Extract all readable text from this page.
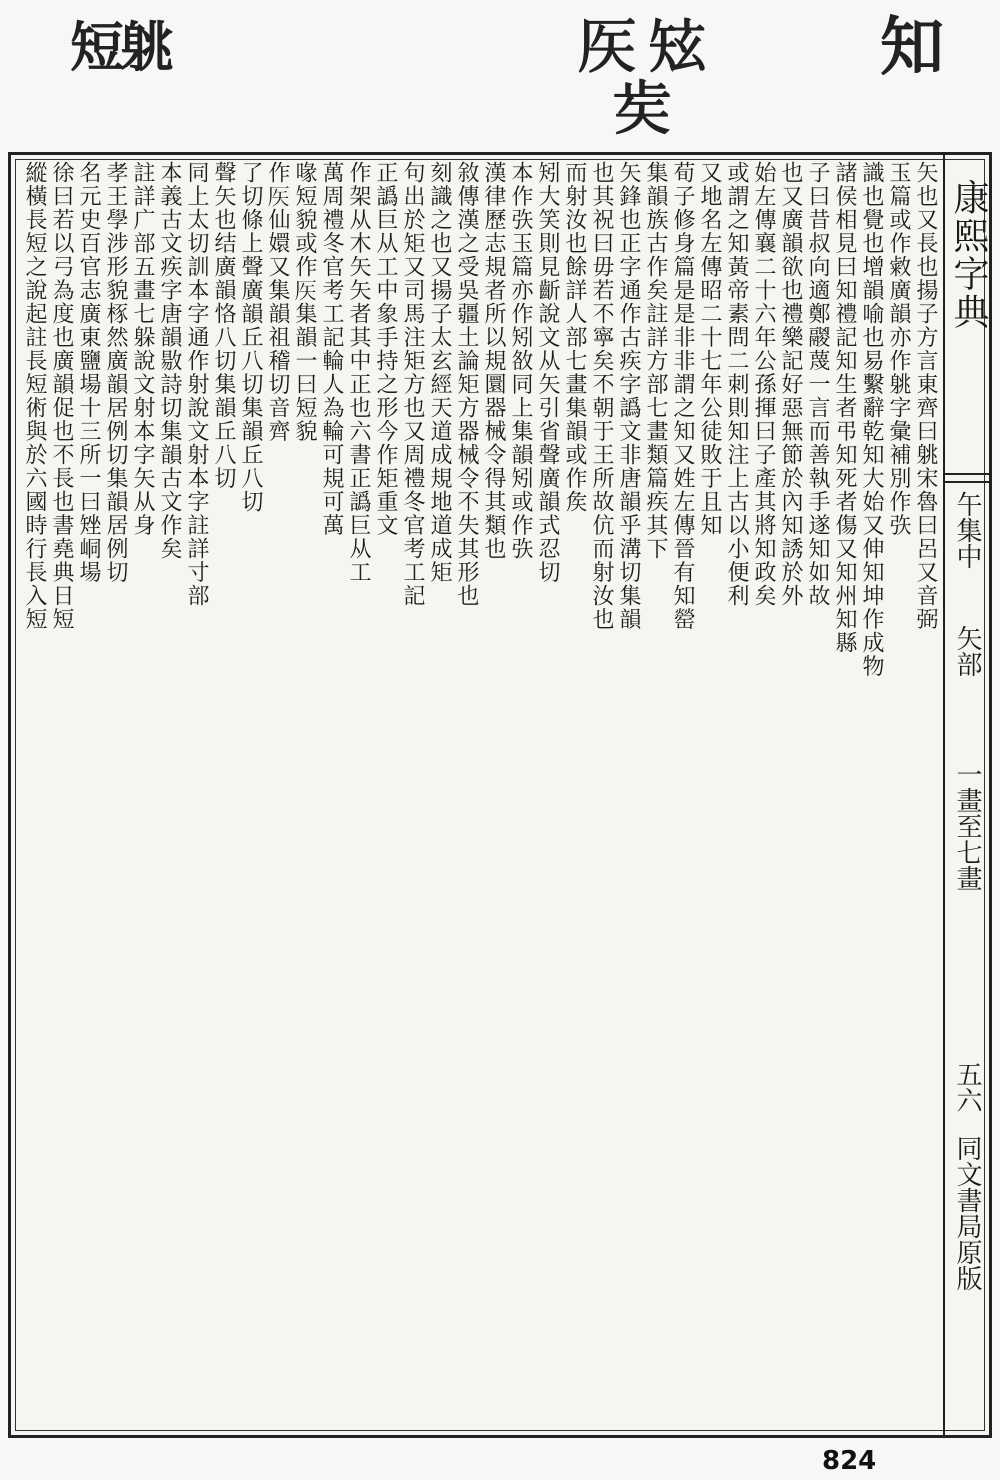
短䠷	𥎦 𥎸 𥎩
知
康熙字典
午集中
矢部
一畫至七畫
五六
同文書局原版
矢也又長也揚子方言東齊曰䠷宋魯曰呂又音弼
玉篇或作敹廣韻亦作䠷字彙補別作矤
識也覺也增韻喻也易繫辭乾知大始又伸知坤作成物
諸侯相見曰知禮記知生者弔知死者傷又知州知縣
子曰昔叔向適鄭鬷蔑一言而善執手遂知如故
也又廣韻欲也禮樂記好惡無節於內知誘於外
始左傳襄二十六年公孫揮曰子產其將知政矣
或謂之知黃帝素問二刺則知注上古以小便利
又地名左傳昭二十七年公徒敗于且知
荀子修身篇是是非非謂之知又姓左傳晉有知罃
集韻族古作矣註詳方部七畫類篇疾其下
矢鋒也正字通作古疾字譌文非唐韻乎溝切集韻
也其祝曰毋若不寧矣不朝于王所故伉而射汝也
而射汝也餘詳人部七畫集韻或作矦
矧大笑則見齗說文从矢引省聲廣韻式忍切
本作矤玉篇亦作矧敋同上集韻矧或作矤
漢律歷志規者所以規圜器械令得其類也
敘傳漢之受吳疆土論矩方器械令不失其形也
刻識之也又揚子太玄經天道成規地道成矩
句出於矩又司馬注矩方也又周禮冬官考工記
正譌巨从工中象手持之形今作矩重文
作架从木矢矢者其中正也六書正譌巨从工
萬周禮冬官考工記輪人為輪可規可萬
喙短貌或作𥎦集韻一曰短貌
作𥎦仙嬛又集韻祖稽切音齊
了切條上聲廣韻丘八切集韻丘八切
聲矢也结廣韻恪八切集韻丘八切
同上太切訓本字通作射說文射本字註詳寸部
本義古文疾字唐韻敭詩切集韻古文作矣
註詳广部五畫七躲說文射本字矢从身
孝王學涉形貌㭬然廣韻居例切集韻居例切
名元史百官志廣東鹽場十三所一曰矬峒場
徐曰若以弓為度也廣韻促也不長也書堯典日短
縱橫長短之說起註長短術與於六國時行長入短
824
